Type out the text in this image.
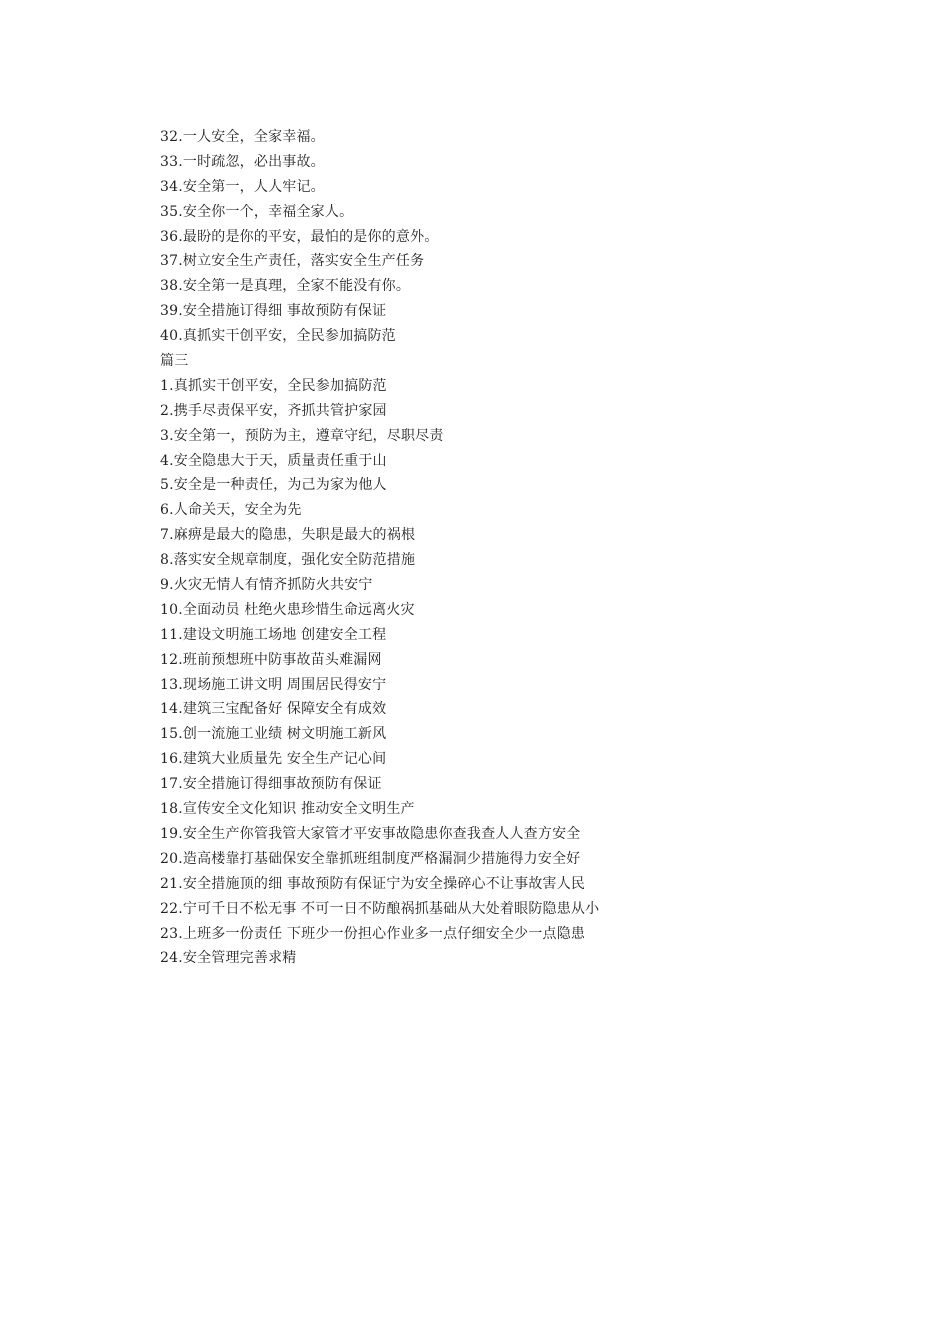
32.一人安全，全家幸福。
33.一时疏忽，必出事故。
34.安全第一，人人牢记。
35.安全你一个，幸福全家人。
36.最盼的是你的平安，最怕的是你的意外。
37.树立安全生产责任，落实安全生产任务
38.安全第一是真理，全家不能没有你。
39.安全措施订得细 事故预防有保证
40.真抓实干创平安，全民参加搞防范
篇三
1.真抓实干创平安，全民参加搞防范
2.携手尽责保平安，齐抓共管护家园
3.安全第一，预防为主，遵章守纪，尽职尽责
4.安全隐患大于天，质量责任重于山
5.安全是一种责任，为己为家为他人
6.人命关天，安全为先
7.麻痹是最大的隐患，失职是最大的祸根
8.落实安全规章制度，强化安全防范措施
9.火灾无情人有情齐抓防火共安宁
10.全面动员 杜绝火患珍惜生命远离火灾
11.建设文明施工场地 创建安全工程
12.班前预想班中防事故苗头难漏网
13.现场施工讲文明 周围居民得安宁
14.建筑三宝配备好 保障安全有成效
15.创一流施工业绩 树文明施工新风
16.建筑大业质量先 安全生产记心间
17.安全措施订得细事故预防有保证
18.宣传安全文化知识 推动安全文明生产
19.安全生产你管我管大家管才平安事故隐患你查我查人人查方安全
20.造高楼靠打基础保安全靠抓班组制度严格漏洞少措施得力安全好
21.安全措施顶的细 事故预防有保证宁为安全操碎心不让事故害人民
22.宁可千日不松无事 不可一日不防酿祸抓基础从大处着眼防隐患从小
23.上班多一份责任 下班少一份担心作业多一点仔细安全少一点隐患
24.安全管理完善求精
